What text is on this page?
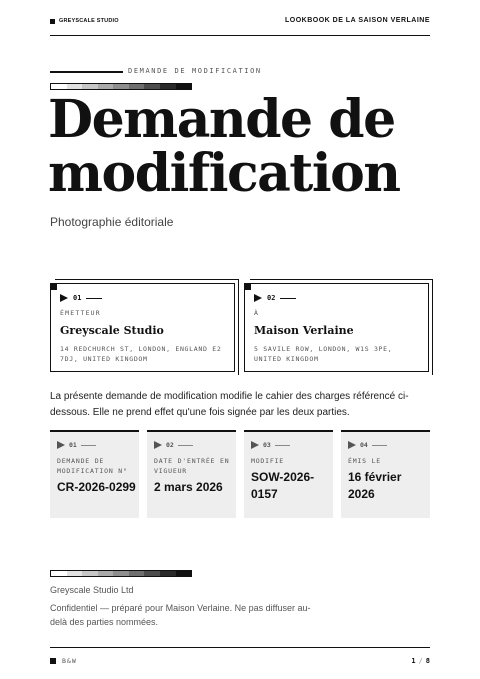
GREYSCALE STUDIO	LOOKBOOK DE LA SAISON VERLAINE
DEMANDE DE MODIFICATION
Demande de
modification
Photographie éditoriale
01
ÉMETTEUR
Greyscale Studio
14 REDCHURCH ST, LONDON, ENGLAND E2 7DJ, UNITED KINGDOM
02
À
Maison Verlaine
5 SAVILE ROW, LONDON, W1S 3PE, UNITED KINGDOM

La présente demande de modification modifie le cahier des charges référencé ci-dessous. Elle ne prend effet qu'une fois signée par les deux parties.

01
DEMANDE DE MODIFICATION N°
CR-2026-0299
02
DATE D'ENTRÉE EN VIGUEUR
2 mars 2026
03
MODIFIE
SOW-2026-0157
04
ÉMIS LE
16 février 2026
Greyscale Studio Ltd

Confidentiel — préparé pour Maison Verlaine. Ne pas diffuser au-delà des parties nommées.

B&W	1 / 8
